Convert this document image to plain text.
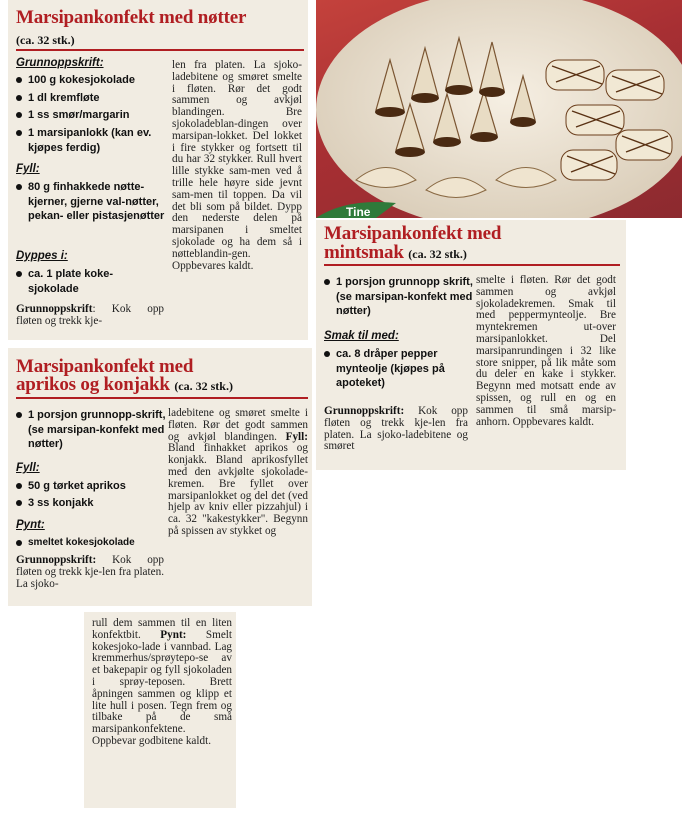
Marsipankonfekt med nøtter
(ca. 32 stk.)
Grunnoppskrift:
100 g kokesjokolade
1 dl kremfløte
1 ss smør/margarin
1 marsipanlokk (kan ev. kjøpes ferdig)
Fyll:
80 g finhakkede nøtte-kjerner, gjerne val-nøtter, pekan- eller pistasjenøtter
Dyppes i:
ca. 1 plate koke-sjokolade

Grunnoppskrift: Kok opp fløten og trekk kje-

len fra platen. La sjoko-ladebitene og smøret smelte i fløten. Rør det godt sammen og avkjøl blandingen. Bre sjokoladeblan-dingen over marsipan-lokket. Del lokket i fire stykker og fortsett til du har 32 stykker. Rull hvert lille stykke sam-men ved å trille hele høyre side jevnt sam-men til toppen. Da vil det bli som på bildet. Dypp den nederste delen på marsipanen i smeltet sjokolade og ha dem så i nøtteblandin-gen. Oppbevares kaldt.

Tine
Marsipankonfekt med
aprikos og konjakk (ca. 32 stk.)
1 porsjon grunnopp-skrift, (se marsipan-konfekt med nøtter)
Fyll:
50 g tørket aprikos
3 ss konjakk
Pynt:
smeltet kokesjokolade

Grunnoppskrift: Kok opp fløten og trekk kje-len fra platen. La sjoko-

ladebitene og smøret smelte i fløten. Rør det godt sammen og avkjøl blandingen. Fyll: Bland finhakket aprikos og konjakk. Bland aprikosfyllet med den avkjølte sjokolade-kremen. Bre fyllet over marsipanlokket og del det (ved hjelp av kniv eller pizzahjul) i ca. 32 "kakestykker". Begynn på spissen av stykket og

rull dem sammen til en liten konfektbit. Pynt: Smelt kokesjoko-lade i vannbad. Lag kremmerhus/sprøytepo-se av et bakepapir og fyll sjokoladen i sprøy-teposen. Brett åpningen sammen og klipp et lite hull i posen. Tegn frem og tilbake på de små marsipankonfektene. Oppbevar godbitene kaldt.

Marsipankonfekt med
mintsmak (ca. 32 stk.)
1 porsjon grunnopp skrift, (se marsipan-konfekt med nøtter)
Smak til med:
ca. 8 dråper pepper mynteolje (kjøpes på apoteket)

Grunnoppskrift: Kok opp fløten og trekk kje-len fra platen. La sjoko-ladebitene og smøret

smelte i fløten. Rør det godt sammen og avkjøl sjokoladekremen. Smak til med peppermynteolje. Bre myntekremen ut-over marsipanlokket. Del marsipanrundingen i 32 like store snipper, på lik måte som du deler en kake i stykker. Begynn med motsatt ende av spissen, og rull en og en sammen til små marsip-anhorn. Oppbevares kaldt.
